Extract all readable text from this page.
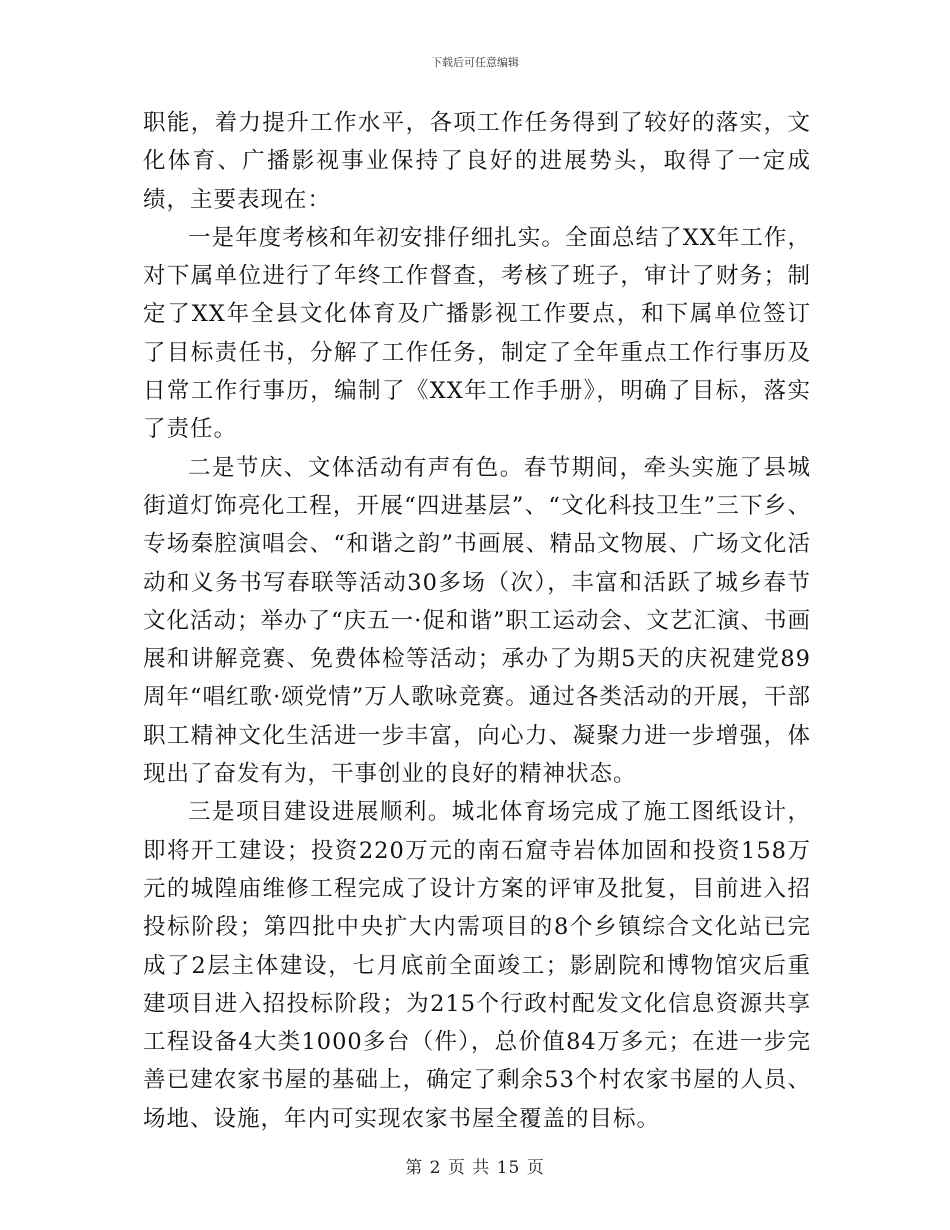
下载后可任意编辑

职能，着力提升工作水平，各项工作任务得到了较好的落实，文化体育、广播影视事业保持了良好的进展势头，取得了一定成绩，主要表现在：

一是年度考核和年初安排仔细扎实。全面总结了XX年工作，对下属单位进行了年终工作督查，考核了班子，审计了财务；制定了XX年全县文化体育及广播影视工作要点，和下属单位签订了目标责任书，分解了工作任务，制定了全年重点工作行事历及日常工作行事历，编制了《XX年工作手册》，明确了目标，落实了责任。

二是节庆、文体活动有声有色。春节期间，牵头实施了县城街道灯饰亮化工程，开展“四进基层”、“文化科技卫生”三下乡、专场秦腔演唱会、“和谐之韵”书画展、精品文物展、广场文化活动和义务书写春联等活动30多场（次），丰富和活跃了城乡春节文化活动；举办了“庆五一·促和谐”职工运动会、文艺汇演、书画展和讲解竞赛、免费体检等活动；承办了为期5天的庆祝建党89周年“唱红歌·颂党情”万人歌咏竞赛。通过各类活动的开展，干部职工精神文化生活进一步丰富，向心力、凝聚力进一步增强，体现出了奋发有为，干事创业的良好的精神状态。

三是项目建设进展顺利。城北体育场完成了施工图纸设计，即将开工建设；投资220万元的南石窟寺岩体加固和投资158万元的城隍庙维修工程完成了设计方案的评审及批复，目前进入招投标阶段；第四批中央扩大内需项目的8个乡镇综合文化站已完成了2层主体建设，七月底前全面竣工；影剧院和博物馆灾后重建项目进入招投标阶段；为215个行政村配发文化信息资源共享工程设备4大类1000多台（件），总价值84万多元；在进一步完善已建农家书屋的基础上，确定了剩余53个村农家书屋的人员、场地、设施，年内可实现农家书屋全覆盖的目标。

第 2 页 共 15 页
